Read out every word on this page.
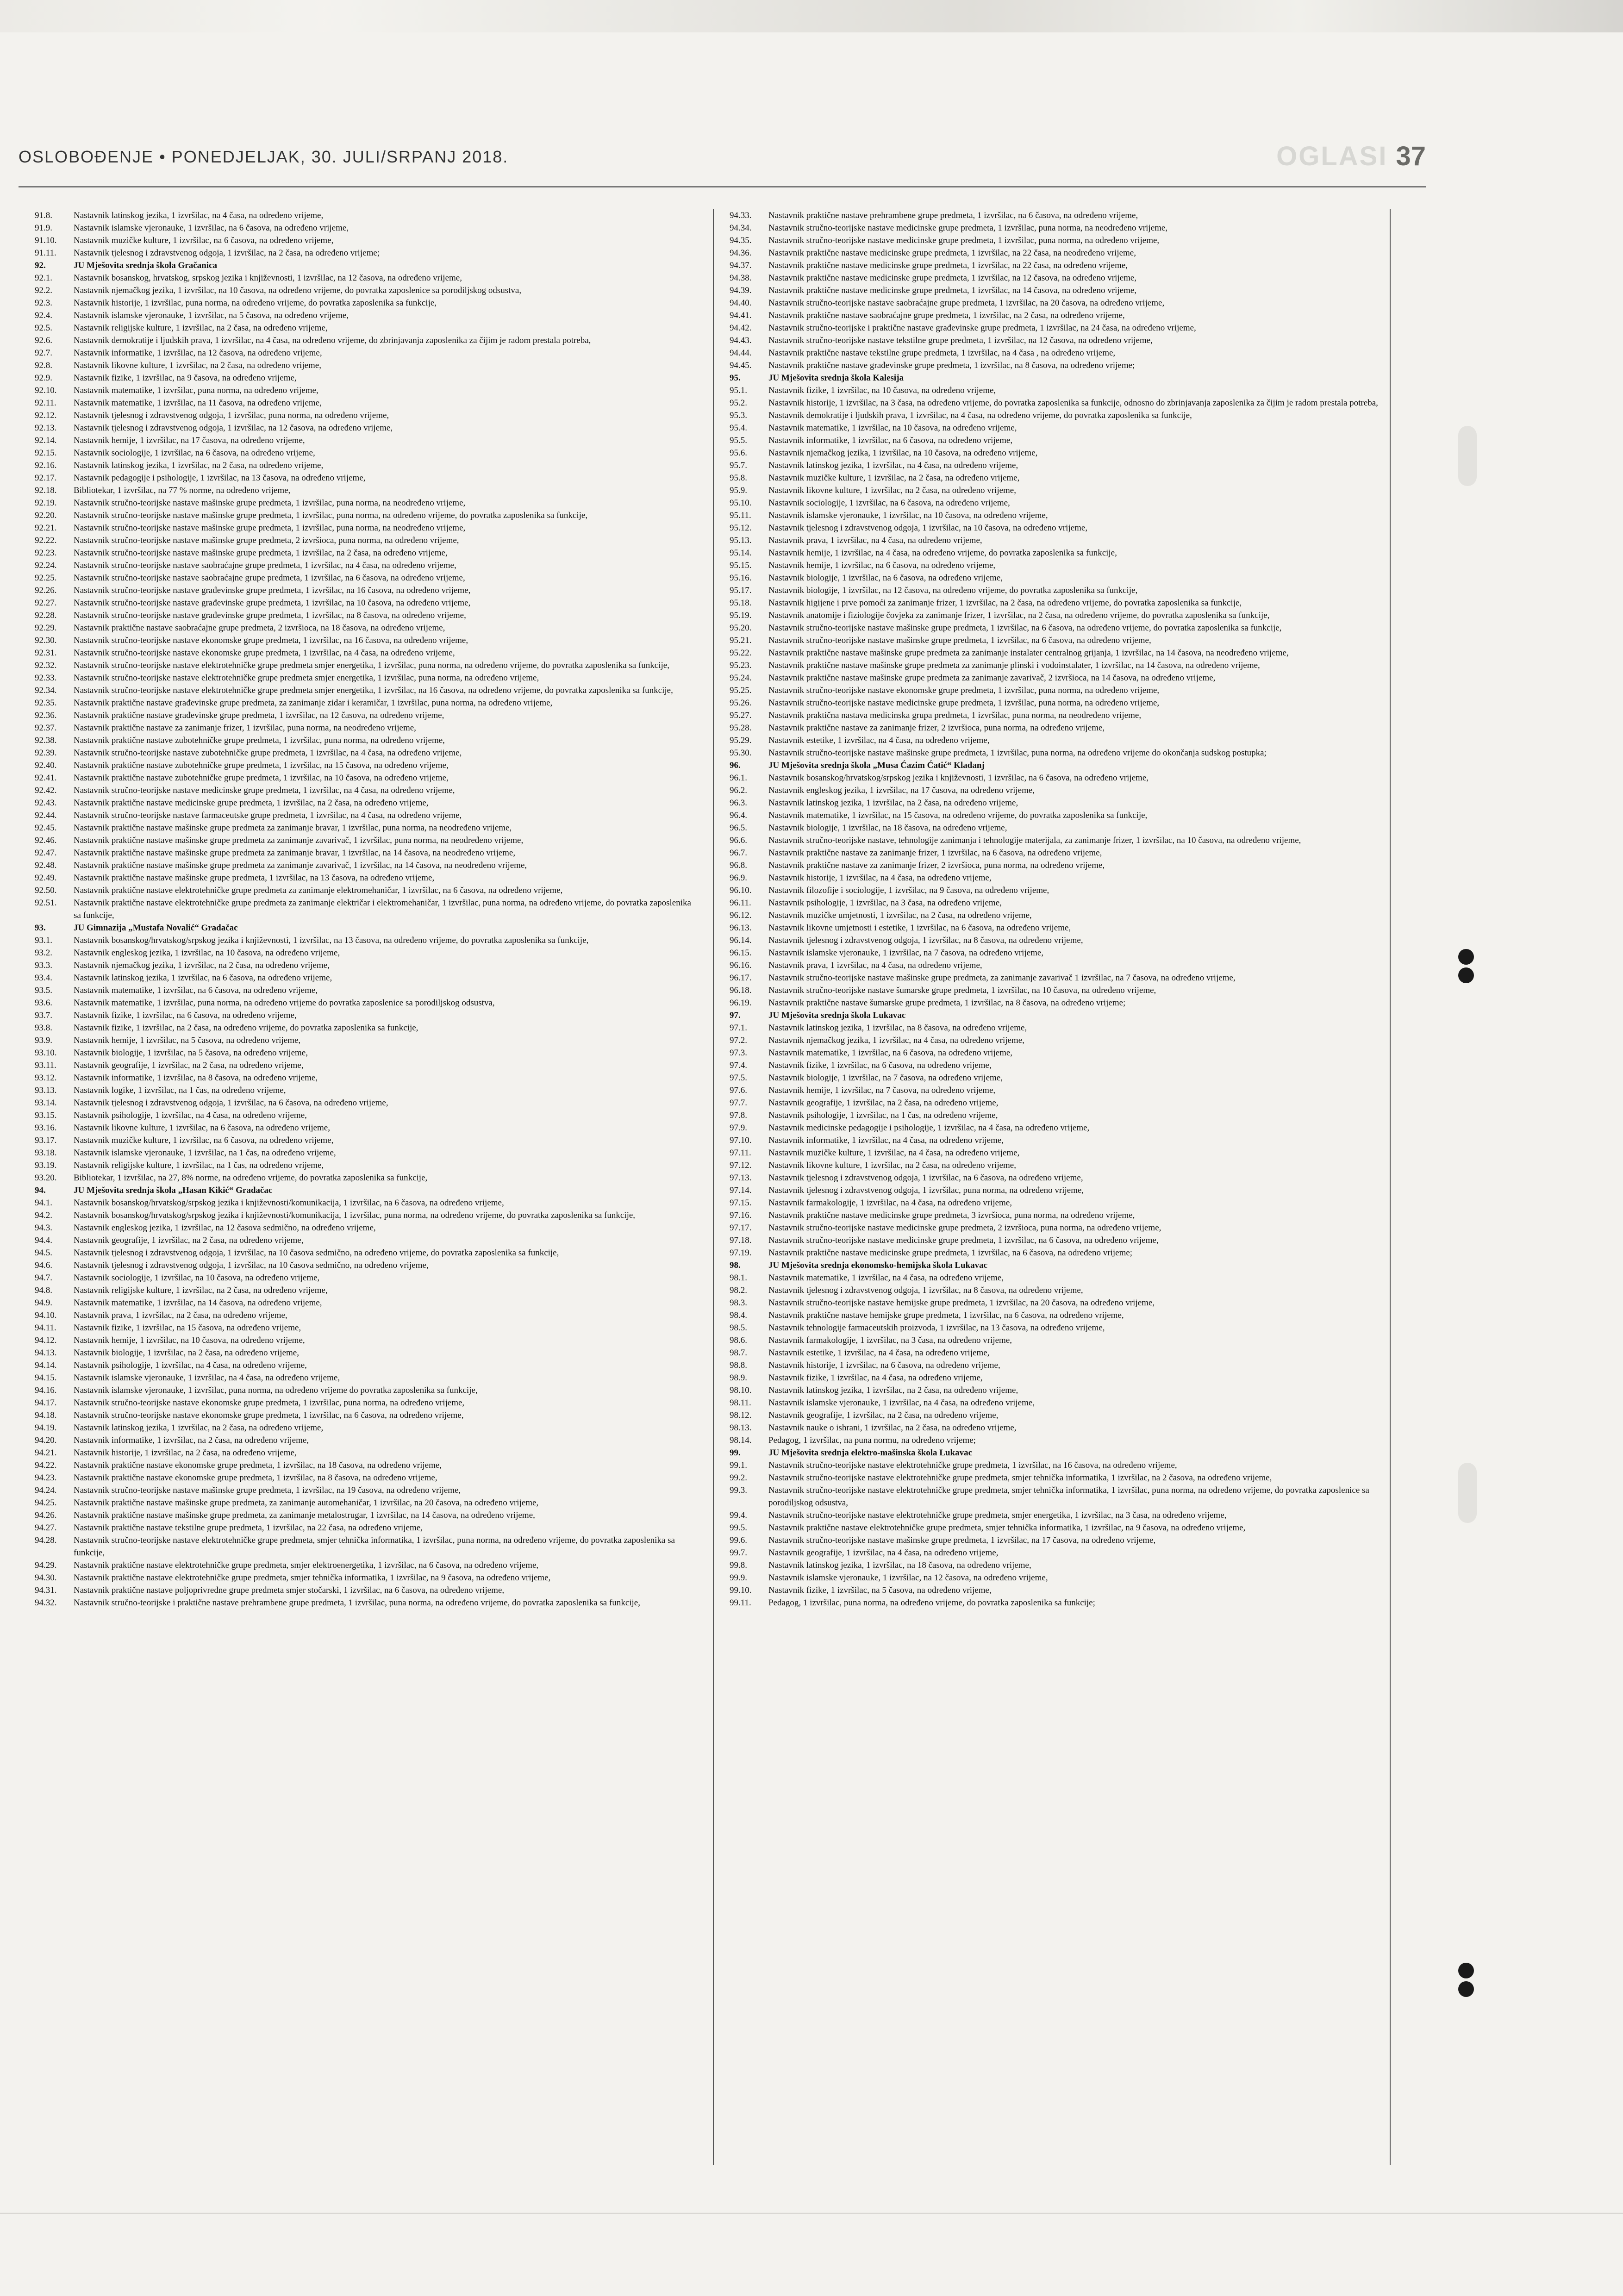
OSLOBOĐENJE • PONEDJELJAK, 30. JULI/SRPANJ 2018.	OGLASI 37
91.8.	Nastavnik latinskog jezika, 1 izvršilac, na 4 časa, na određeno vrijeme,
91.9.	Nastavnik islamske vjeronauke, 1 izvršilac, na 6 časova, na određeno vrijeme,
91.10.	Nastavnik muzičke kulture, 1 izvršilac, na 6 časova, na određeno vrijeme,
91.11.	Nastavnik tjelesnog i zdravstvenog odgoja, 1 izvršilac, na 2 časa, na određeno vrijeme;
92.	JU Mješovita srednja škola Gračanica
92.1.	Nastavnik bosanskog, hrvatskog, srpskog jezika i književnosti, 1 izvršilac, na 12 časova, na određeno vrijeme,
92.2.	Nastavnik njemačkog jezika, 1 izvršilac, na 10 časova, na određeno vrijeme, do povratka zaposlenice sa porodiljskog odsustva,
92.3.	Nastavnik historije, 1 izvršilac, puna norma, na određeno vrijeme, do povratka zaposlenika sa funkcije,
92.4.	Nastavnik islamske vjeronauke, 1 izvršilac, na 5 časova, na određeno vrijeme,
92.5.	Nastavnik religijske kulture, 1 izvršilac, na 2 časa, na određeno vrijeme,
92.6.	Nastavnik demokratije i ljudskih prava, 1 izvršilac, na 4 časa, na određeno vrijeme, do zbrinjavanja zaposlenika za čijim je radom prestala potreba,
92.7.	Nastavnik informatike, 1 izvršilac, na 12 časova, na određeno vrijeme,
92.8.	Nastavnik likovne kulture, 1 izvršilac, na 2 časa, na određeno vrijeme,
92.9.	Nastavnik fizike, 1 izvršilac, na 9 časova, na određeno vrijeme,
92.10.	Nastavnik matematike, 1 izvršilac, puna norma, na određeno vrijeme,
92.11.	Nastavnik matematike, 1 izvršilac, na 11 časova, na određeno vrijeme,
92.12.	Nastavnik tjelesnog i zdravstvenog odgoja, 1 izvršilac, puna norma, na određeno vrijeme,
92.13.	Nastavnik tjelesnog i zdravstvenog odgoja, 1 izvršilac, na 12 časova, na određeno vrijeme,
92.14.	Nastavnik hemije, 1 izvršilac, na 17 časova, na određeno vrijeme,
92.15.	Nastavnik sociologije, 1 izvršilac, na 6 časova, na određeno vrijeme,
92.16.	Nastavnik latinskog jezika, 1 izvršilac, na 2 časa, na određeno vrijeme,
92.17.	Nastavnik pedagogije i psihologije, 1 izvršilac, na 13 časova, na određeno vrijeme,
92.18.	Bibliotekar, 1 izvršilac, na 77 % norme, na određeno vrijeme,
92.19.	Nastavnik stručno-teorijske nastave mašinske grupe predmeta, 1 izvršilac, puna norma, na neodređeno vrijeme,
92.20.	Nastavnik stručno-teorijske nastave mašinske grupe predmeta, 1 izvršilac, puna norma, na određeno vrijeme, do povratka zaposlenika sa funkcije,
92.21.	Nastavnik stručno-teorijske nastave mašinske grupe predmeta, 1 izvršilac, puna norma, na neodređeno vrijeme,
92.22.	Nastavnik stručno-teorijske nastave mašinske grupe predmeta, 2 izvršioca, puna norma, na određeno vrijeme,
92.23.	Nastavnik stručno-teorijske nastave mašinske grupe predmeta, 1 izvršilac, na 2 časa, na određeno vrijeme,
92.24.	Nastavnik stručno-teorijske nastave saobraćajne grupe predmeta, 1 izvršilac, na 4 časa, na određeno vrijeme,
92.25.	Nastavnik stručno-teorijske nastave saobraćajne grupe predmeta, 1 izvršilac, na 6 časova, na određeno vrijeme,
92.26.	Nastavnik stručno-teorijske nastave građevinske grupe predmeta, 1 izvršilac, na 16 časova, na određeno vrijeme,
92.27.	Nastavnik stručno-teorijske nastave građevinske grupe predmeta, 1 izvršilac, na 10 časova, na određeno vrijeme,
92.28.	Nastavnik stručno-teorijske nastave građevinske grupe predmeta, 1 izvršilac, na 8 časova, na određeno vrijeme,
92.29.	Nastavnik praktične nastave saobraćajne grupe predmeta, 2 izvršioca, na 18 časova, na određeno vrijeme,
92.30.	Nastavnik stručno-teorijske nastave ekonomske grupe predmeta, 1 izvršilac, na 16 časova, na određeno vrijeme,
92.31.	Nastavnik stručno-teorijske nastave ekonomske grupe predmeta, 1 izvršilac, na 4 časa, na određeno vrijeme,
92.32.	Nastavnik stručno-teorijske nastave elektrotehničke grupe predmeta smjer energetika, 1 izvršilac, puna norma, na određeno vrijeme, do povratka zaposlenika sa funkcije,
92.33.	Nastavnik stručno-teorijske nastave elektrotehničke grupe predmeta smjer energetika, 1 izvršilac, puna norma, na određeno vrijeme,
92.34.	Nastavnik stručno-teorijske nastave elektrotehničke grupe predmeta smjer energetika, 1 izvršilac, na 16 časova, na određeno vrijeme, do povratka zaposlenika sa funkcije,
92.35.	Nastavnik praktične nastave građevinske grupe predmeta, za zanimanje zidar i keramičar, 1 izvršilac, puna norma, na određeno vrijeme,
92.36.	Nastavnik praktične nastave građevinske grupe predmeta, 1 izvršilac, na 12 časova, na određeno vrijeme,
92.37.	Nastavnik praktične nastave za zanimanje frizer, 1 izvršilac, puna norma, na neodređeno vrijeme,
92.38.	Nastavnik praktične nastave zubotehničke grupe predmeta, 1 izvršilac, puna norma, na određeno vrijeme,
92.39.	Nastavnik stručno-teorijske nastave zubotehničke grupe predmeta, 1 izvršilac, na 4 časa, na određeno vrijeme,
92.40.	Nastavnik praktične nastave zubotehničke grupe predmeta, 1 izvršilac, na 15 časova, na određeno vrijeme,
92.41.	Nastavnik praktične nastave zubotehničke grupe predmeta, 1 izvršilac, na 10 časova, na određeno vrijeme,
92.42.	Nastavnik stručno-teorijske nastave medicinske grupe predmeta, 1 izvršilac, na 4 časa, na određeno vrijeme,
92.43.	Nastavnik praktične nastave medicinske grupe predmeta, 1 izvršilac, na 2 časa, na određeno vrijeme,
92.44.	Nastavnik stručno-teorijske nastave farmaceutske grupe predmeta, 1 izvršilac, na 4 časa, na određeno vrijeme,
92.45.	Nastavnik praktične nastave mašinske grupe predmeta za zanimanje bravar, 1 izvršilac, puna norma, na neodređeno vrijeme,
92.46.	Nastavnik praktične nastave mašinske grupe predmeta za zanimanje zavarivač, 1 izvršilac, puna norma, na neodređeno vrijeme,
92.47.	Nastavnik praktične nastave mašinske grupe predmeta za zanimanje bravar, 1 izvršilac, na 14 časova, na neodređeno vrijeme,
92.48.	Nastavnik praktične nastave mašinske grupe predmeta za zanimanje zavarivač, 1 izvršilac, na 14 časova, na neodređeno vrijeme,
92.49.	Nastavnik praktične nastave mašinske grupe predmeta, 1 izvršilac, na 13 časova, na određeno vrijeme,
92.50.	Nastavnik praktične nastave elektrotehničke grupe predmeta za zanimanje elektromehaničar, 1 izvršilac, na 6 časova, na određeno vrijeme,
92.51.	Nastavnik praktične nastave elektrotehničke grupe predmeta za zanimanje električar i elektromehaničar, 1 izvršilac, puna norma, na određeno vrijeme, do povratka zaposlenika sa funkcije,
93.	JU Gimnazija „Mustafa Novalić“ Gradačac
93.1.	Nastavnik bosanskog/hrvatskog/srpskog jezika i književnosti, 1 izvršilac, na 13 časova, na određeno vrijeme, do povratka zaposlenika sa funkcije,
93.2.	Nastavnik engleskog jezika, 1 izvršilac, na 10 časova, na određeno vrijeme,
93.3.	Nastavnik njemačkog jezika, 1 izvršilac, na 2 časa, na određeno vrijeme,
93.4.	Nastavnik latinskog jezika, 1 izvršilac, na 6 časova, na određeno vrijeme,
93.5.	Nastavnik matematike, 1 izvršilac, na 6 časova, na određeno vrijeme,
93.6.	Nastavnik matematike, 1 izvršilac, puna norma, na određeno vrijeme do povratka zaposlenice sa porodiljskog odsustva,
93.7.	Nastavnik fizike, 1 izvršilac, na 6 časova, na određeno vrijeme,
93.8.	Nastavnik fizike, 1 izvršilac, na 2 časa, na određeno vrijeme, do povratka zaposlenika sa funkcije,
93.9.	Nastavnik hemije, 1 izvršilac, na 5 časova, na određeno vrijeme,
93.10.	Nastavnik biologije, 1 izvršilac, na 5 časova, na određeno vrijeme,
93.11.	Nastavnik geografije, 1 izvršilac, na 2 časa, na određeno vrijeme,
93.12.	Nastavnik informatike, 1 izvršilac, na 8 časova, na određeno vrijeme,
93.13.	Nastavnik logike, 1 izvršilac, na 1 čas, na određeno vrijeme,
93.14.	Nastavnik tjelesnog i zdravstvenog odgoja, 1 izvršilac, na 6 časova, na određeno vrijeme,
93.15.	Nastavnik psihologije, 1 izvršilac, na 4 časa, na određeno vrijeme,
93.16.	Nastavnik likovne kulture, 1 izvršilac, na 6 časova, na određeno vrijeme,
93.17.	Nastavnik muzičke kulture, 1 izvršilac, na 6 časova, na određeno vrijeme,
93.18.	Nastavnik islamske vjeronauke, 1 izvršilac, na 1 čas, na određeno vrijeme,
93.19.	Nastavnik religijske kulture, 1 izvršilac, na 1 čas, na određeno vrijeme,
93.20.	Bibliotekar, 1 izvršilac, na 27, 8% norme, na određeno vrijeme, do povratka zaposlenika sa funkcije,
94.	JU Mješovita srednja škola „Hasan Kikić“ Gradačac
94.1.	Nastavnik bosanskog/hrvatskog/srpskog jezika i književnosti/komunikacija, 1 izvršilac, na 6 časova, na određeno vrijeme,
94.2.	Nastavnik bosanskog/hrvatskog/srpskog jezika i književnosti/komunikacija, 1 izvršilac, puna norma, na određeno vrijeme, do povratka zaposlenika sa funkcije,
94.3.	Nastavnik engleskog jezika, 1 izvršilac, na 12 časova sedmično, na određeno vrijeme,
94.4.	Nastavnik geografije, 1 izvršilac, na 2 časa, na određeno vrijeme,
94.5.	Nastavnik tjelesnog i zdravstvenog odgoja, 1 izvršilac, na 10 časova sedmično, na određeno vrijeme, do povratka zaposlenika sa funkcije,
94.6.	Nastavnik tjelesnog i zdravstvenog odgoja, 1 izvršilac, na 10 časova sedmično, na određeno vrijeme,
94.7.	Nastavnik sociologije, 1 izvršilac, na 10 časova, na određeno vrijeme,
94.8.	Nastavnik religijske kulture, 1 izvršilac, na 2 časa, na određeno vrijeme,
94.9.	Nastavnik matematike, 1 izvršilac, na 14 časova, na određeno vrijeme,
94.10.	Nastavnik prava, 1 izvršilac, na 2 časa, na određeno vrijeme,
94.11.	Nastavnik fizike, 1 izvršilac, na 15 časova, na određeno vrijeme,
94.12.	Nastavnik hemije, 1 izvršilac, na 10 časova, na određeno vrijeme,
94.13.	Nastavnik biologije, 1 izvršilac, na 2 časa, na određeno vrijeme,
94.14.	Nastavnik psihologije, 1 izvršilac, na 4 časa, na određeno vrijeme,
94.15.	Nastavnik islamske vjeronauke, 1 izvršilac, na 4 časa, na određeno vrijeme,
94.16.	Nastavnik islamske vjeronauke, 1 izvršilac, puna norma, na određeno vrijeme do povratka zaposlenika sa funkcije,
94.17.	Nastavnik stručno-teorijske nastave ekonomske grupe predmeta, 1 izvršilac, puna norma, na određeno vrijeme,
94.18.	Nastavnik stručno-teorijske nastave ekonomske grupe predmeta, 1 izvršilac, na 6 časova, na određeno vrijeme,
94.19.	Nastavnik latinskog jezika, 1 izvršilac, na 2 časa, na određeno vrijeme,
94.20.	Nastavnik informatike, 1 izvršilac, na 2 časa, na određeno vrijeme,
94.21.	Nastavnik historije, 1 izvršilac, na 2 časa, na određeno vrijeme,
94.22.	Nastavnik praktične nastave ekonomske grupe predmeta, 1 izvršilac, na 18 časova, na određeno vrijeme,
94.23.	Nastavnik praktične nastave ekonomske grupe predmeta, 1 izvršilac, na 8 časova, na određeno vrijeme,
94.24.	Nastavnik stručno-teorijske nastave mašinske grupe predmeta, 1 izvršilac, na 19 časova, na određeno vrijeme,
94.25.	Nastavnik praktične nastave mašinske grupe predmeta, za zanimanje automehaničar, 1 izvršilac, na 20 časova, na određeno vrijeme,
94.26.	Nastavnik praktične nastave mašinske grupe predmeta, za zanimanje metalostrugar, 1 izvršilac, na 14 časova, na određeno vrijeme,
94.27.	Nastavnik praktične nastave tekstilne grupe predmeta, 1 izvršilac, na 22 časa, na određeno vrijeme,
94.28.	Nastavnik stručno-teorijske nastave elektrotehničke grupe predmeta, smjer tehnička informatika, 1 izvršilac, puna norma, na određeno vrijeme, do povratka zaposlenika sa funkcije,
94.29.	Nastavnik praktične nastave elektrotehničke grupe predmeta, smjer elektroenergetika, 1 izvršilac, na 6 časova, na određeno vrijeme,
94.30.	Nastavnik praktične nastave elektrotehničke grupe predmeta, smjer tehnička informatika, 1 izvršilac, na 9 časova, na određeno vrijeme,
94.31.	Nastavnik praktične nastave poljoprivredne grupe predmeta smjer stočarski, 1 izvršilac, na 6 časova, na određeno vrijeme,
94.32.	Nastavnik stručno-teorijske i praktične nastave prehrambene grupe predmeta, 1 izvršilac, puna norma, na određeno vrijeme, do povratka zaposlenika sa funkcije,
94.33.	Nastavnik praktične nastave prehrambene grupe predmeta, 1 izvršilac, na 6 časova, na određeno vrijeme,
94.34.	Nastavnik stručno-teorijske nastave medicinske grupe predmeta, 1 izvršilac, puna norma, na neodređeno vrijeme,
94.35.	Nastavnik stručno-teorijske nastave medicinske grupe predmeta, 1 izvršilac, puna norma, na određeno vrijeme,
94.36.	Nastavnik praktične nastave medicinske grupe predmeta, 1 izvršilac, na 22 časa, na neodređeno vrijeme,
94.37.	Nastavnik praktične nastave medicinske grupe predmeta, 1 izvršilac, na 22 časa, na određeno vrijeme,
94.38.	Nastavnik praktične nastave medicinske grupe predmeta, 1 izvršilac, na 12 časova, na određeno vrijeme,
94.39.	Nastavnik praktične nastave medicinske grupe predmeta, 1 izvršilac, na 14 časova, na određeno vrijeme,
94.40.	Nastavnik stručno-teorijske nastave saobraćajne grupe predmeta, 1 izvršilac, na 20 časova, na određeno vrijeme,
94.41.	Nastavnik praktične nastave saobraćajne grupe predmeta, 1 izvršilac, na 2 časa, na određeno vrijeme,
94.42.	Nastavnik stručno-teorijske i praktične nastave građevinske grupe predmeta, 1 izvršilac, na 24 časa, na određeno vrijeme,
94.43.	Nastavnik stručno-teorijske nastave tekstilne grupe predmeta, 1 izvršilac, na 12 časova, na određeno vrijeme,
94.44.	Nastavnik praktične nastave tekstilne grupe predmeta, 1 izvršilac, na 4 časa , na određeno vrijeme,
94.45.	Nastavnik praktične nastave građevinske grupe predmeta, 1 izvršilac, na 8 časova, na određeno vrijeme;
95.	JU Mješovita srednja škola Kalesija
95.1.	Nastavnik fizike, 1 izvršilac, na 10 časova, na određeno vrijeme,
95.2.	Nastavnik historije, 1 izvršilac, na 3 časa, na određeno vrijeme, do povratka zaposlenika sa funkcije, odnosno do zbrinjavanja zaposlenika za čijim je radom prestala potreba,
95.3.	Nastavnik demokratije i ljudskih prava, 1 izvršilac, na 4 časa, na određeno vrijeme, do povratka zaposlenika sa funkcije,
95.4.	Nastavnik matematike, 1 izvršilac, na 10 časova, na određeno vrijeme,
95.5.	Nastavnik informatike, 1 izvršilac, na 6 časova, na određeno vrijeme,
95.6.	Nastavnik njemačkog jezika, 1 izvršilac, na 10 časova, na određeno vrijeme,
95.7.	Nastavnik latinskog jezika, 1 izvršilac, na 4 časa, na određeno vrijeme,
95.8.	Nastavnik muzičke kulture, 1 izvršilac, na 2 časa, na određeno vrijeme,
95.9.	Nastavnik likovne kulture, 1 izvršilac, na 2 časa, na određeno vrijeme,
95.10.	Nastavnik sociologije, 1 izvršilac, na 6 časova, na određeno vrijeme,
95.11.	Nastavnik islamske vjeronauke, 1 izvršilac, na 10 časova, na određeno vrijeme,
95.12.	Nastavnik tjelesnog i zdravstvenog odgoja, 1 izvršilac, na 10 časova, na određeno vrijeme,
95.13.	Nastavnik prava, 1 izvršilac, na 4 časa, na određeno vrijeme,
95.14.	Nastavnik hemije, 1 izvršilac, na 4 časa, na određeno vrijeme, do povratka zaposlenika sa funkcije,
95.15.	Nastavnik hemije, 1 izvršilac, na 6 časova, na određeno vrijeme,
95.16.	Nastavnik biologije, 1 izvršilac, na 6 časova, na određeno vrijeme,
95.17.	Nastavnik biologije, 1 izvršilac, na 12 časova, na određeno vrijeme, do povratka zaposlenika sa funkcije,
95.18.	Nastavnik higijene i prve pomoći za zanimanje frizer, 1 izvršilac, na 2 časa, na određeno vrijeme, do povratka zaposlenika sa funkcije,
95.19.	Nastavnik anatomije i fiziologije čovjeka za zanimanje frizer, 1 izvršilac, na 2 časa, na određeno vrijeme, do povratka zaposlenika sa funkcije,
95.20.	Nastavnik stručno-teorijske nastave mašinske grupe predmeta, 1 izvršilac, na 6 časova, na određeno vrijeme, do povratka zaposlenika sa funkcije,
95.21.	Nastavnik stručno-teorijske nastave mašinske grupe predmeta, 1 izvršilac, na 6 časova, na određeno vrijeme,
95.22.	Nastavnik praktične nastave mašinske grupe predmeta za zanimanje instalater centralnog grijanja, 1 izvršilac, na 14 časova, na neodređeno vrijeme,
95.23.	Nastavnik praktične nastave mašinske grupe predmeta za zanimanje plinski i vodoinstalater, 1 izvršilac, na 14 časova, na određeno vrijeme,
95.24.	Nastavnik praktične nastave mašinske grupe predmeta za zanimanje zavarivač, 2 izvršioca, na 14 časova, na određeno vrijeme,
95.25.	Nastavnik stručno-teorijske nastave ekonomske grupe predmeta, 1 izvršilac, puna norma, na određeno vrijeme,
95.26.	Nastavnik stručno-teorijske nastave medicinske grupe predmeta, 1 izvršilac, puna norma, na određeno vrijeme,
95.27.	Nastavnik praktična nastava medicinska grupa predmeta, 1 izvršilac, puna norma, na neodređeno vrijeme,
95.28.	Nastavnik praktične nastave za zanimanje frizer, 2 izvršioca, puna norma, na određeno vrijeme,
95.29.	Nastavnik estetike, 1 izvršilac, na 4 časa, na određeno vrijeme,
95.30.	Nastavnik stručno-teorijske nastave mašinske grupe predmeta, 1 izvršilac, puna norma, na određeno vrijeme do okončanja sudskog postupka;
96.	JU Mješovita srednja škola „Musa Ćazim Ćatić“ Kladanj
96.1.	Nastavnik bosanskog/hrvatskog/srpskog jezika i književnosti, 1 izvršilac, na 6 časova, na određeno vrijeme,
96.2.	Nastavnik engleskog jezika, 1 izvršilac, na 17 časova, na određeno vrijeme,
96.3.	Nastavnik latinskog jezika, 1 izvršilac, na 2 časa, na određeno vrijeme,
96.4.	Nastavnik matematike, 1 izvršilac, na 15 časova, na određeno vrijeme, do povratka zaposlenika sa funkcije,
96.5.	Nastavnik biologije, 1 izvršilac, na 18 časova, na određeno vrijeme,
96.6.	Nastavnik stručno-teorijske nastave, tehnologije zanimanja i tehnologije materijala, za zanimanje frizer, 1 izvršilac, na 10 časova, na određeno vrijeme,
96.7.	Nastavnik praktične nastave za zanimanje frizer, 1 izvršilac, na 6 časova, na određeno vrijeme,
96.8.	Nastavnik praktične nastave za zanimanje frizer, 2 izvršioca, puna norma, na određeno vrijeme,
96.9.	Nastavnik historije, 1 izvršilac, na 4 časa, na određeno vrijeme,
96.10.	Nastavnik filozofije i sociologije, 1 izvršilac, na 9 časova, na određeno vrijeme,
96.11.	Nastavnik psihologije, 1 izvršilac, na 3 časa, na određeno vrijeme,
96.12.	Nastavnik muzičke umjetnosti, 1 izvršilac, na 2 časa, na određeno vrijeme,
96.13.	Nastavnik likovne umjetnosti i estetike, 1 izvršilac, na 6 časova, na određeno vrijeme,
96.14.	Nastavnik tjelesnog i zdravstvenog odgoja, 1 izvršilac, na 8 časova, na određeno vrijeme,
96.15.	Nastavnik islamske vjeronauke, 1 izvršilac, na 7 časova, na određeno vrijeme,
96.16.	Nastavnik prava, 1 izvršilac, na 4 časa, na određeno vrijeme,
96.17.	Nastavnik stručno-teorijske nastave mašinske grupe predmeta, za zanimanje zavarivač 1 izvršilac, na 7 časova, na određeno vrijeme,
96.18.	Nastavnik stručno-teorijske nastave šumarske grupe predmeta, 1 izvršilac, na 10 časova, na određeno vrijeme,
96.19.	Nastavnik praktične nastave šumarske grupe predmeta, 1 izvršilac, na 8 časova, na određeno vrijeme;
97.	JU Mješovita srednja škola Lukavac
97.1.	Nastavnik latinskog jezika, 1 izvršilac, na 8 časova, na određeno vrijeme,
97.2.	Nastavnik njemačkog jezika, 1 izvršilac, na 4 časa, na određeno vrijeme,
97.3.	Nastavnik matematike, 1 izvršilac, na 6 časova, na određeno vrijeme,
97.4.	Nastavnik fizike, 1 izvršilac, na 6 časova, na određeno vrijeme,
97.5.	Nastavnik biologije, 1 izvršilac, na 7 časova, na određeno vrijeme,
97.6.	Nastavnik hemije, 1 izvršilac, na 7 časova, na određeno vrijeme,
97.7.	Nastavnik geografije, 1 izvršilac, na 2 časa, na određeno vrijeme,
97.8.	Nastavnik psihologije, 1 izvršilac, na 1 čas, na određeno vrijeme,
97.9.	Nastavnik medicinske pedagogije i psihologije, 1 izvršilac, na 4 časa, na određeno vrijeme,
97.10.	Nastavnik informatike, 1 izvršilac, na 4 časa, na određeno vrijeme,
97.11.	Nastavnik muzičke kulture, 1 izvršilac, na 4 časa, na određeno vrijeme,
97.12.	Nastavnik likovne kulture, 1 izvršilac, na 2 časa, na određeno vrijeme,
97.13.	Nastavnik tjelesnog i zdravstvenog odgoja, 1 izvršilac, na 6 časova, na određeno vrijeme,
97.14.	Nastavnik tjelesnog i zdravstvenog odgoja, 1 izvršilac, puna norma, na određeno vrijeme,
97.15.	Nastavnik farmakologije, 1 izvršilac, na 4 časa, na određeno vrijeme,
97.16.	Nastavnik praktične nastave medicinske grupe predmeta, 3 izvršioca, puna norma, na određeno vrijeme,
97.17.	Nastavnik stručno-teorijske nastave medicinske grupe predmeta, 2 izvršioca, puna norma, na određeno vrijeme,
97.18.	Nastavnik stručno-teorijske nastave medicinske grupe predmeta, 1 izvršilac, na 6 časova, na određeno vrijeme,
97.19.	Nastavnik praktične nastave medicinske grupe predmeta, 1 izvršilac, na 6 časova, na određeno vrijeme;
98.	JU Mješovita srednja ekonomsko-hemijska škola Lukavac
98.1.	Nastavnik matematike, 1 izvršilac, na 4 časa, na određeno vrijeme,
98.2.	Nastavnik tjelesnog i zdravstvenog odgoja, 1 izvršilac, na 8 časova, na određeno vrijeme,
98.3.	Nastavnik stručno-teorijske nastave hemijske grupe predmeta, 1 izvršilac, na 20 časova, na određeno vrijeme,
98.4.	Nastavnik praktične nastave hemijske grupe predmeta, 1 izvršilac, na 6 časova, na određeno vrijeme,
98.5.	Nastavnik tehnologije farmaceutskih proizvoda, 1 izvršilac, na 13 časova, na određeno vrijeme,
98.6.	Nastavnik farmakologije, 1 izvršilac, na 3 časa, na određeno vrijeme,
98.7.	Nastavnik estetike, 1 izvršilac, na 4 časa, na određeno vrijeme,
98.8.	Nastavnik historije, 1 izvršilac, na 6 časova, na određeno vrijeme,
98.9.	Nastavnik fizike, 1 izvršilac, na 4 časa, na određeno vrijeme,
98.10.	Nastavnik latinskog jezika, 1 izvršilac, na 2 časa, na određeno vrijeme,
98.11.	Nastavnik islamske vjeronauke, 1 izvršilac, na 4 časa, na određeno vrijeme,
98.12.	Nastavnik geografije, 1 izvršilac, na 2 časa, na određeno vrijeme,
98.13.	Nastavnik nauke o ishrani, 1 izvršilac, na 2 časa, na određeno vrijeme,
98.14.	Pedagog, 1 izvršilac, na puna normu, na određeno vrijeme;
99.	JU Mješovita srednja elektro-mašinska škola Lukavac
99.1.	Nastavnik stručno-teorijske nastave elektrotehničke grupe predmeta, 1 izvršilac, na 16 časova, na određeno vrijeme,
99.2.	Nastavnik stručno-teorijske nastave elektrotehničke grupe predmeta, smjer tehnička informatika, 1 izvršilac, na 2 časova, na određeno vrijeme,
99.3.	Nastavnik stručno-teorijske nastave elektrotehničke grupe predmeta, smjer tehnička informatika, 1 izvršilac, puna norma, na određeno vrijeme, do povratka zaposlenice sa porodiljskog odsustva,
99.4.	Nastavnik stručno-teorijske nastave elektrotehničke grupe predmeta, smjer energetika, 1 izvršilac, na 3 časa, na određeno vrijeme,
99.5.	Nastavnik praktične nastave elektrotehničke grupe predmeta, smjer tehnička informatika, 1 izvršilac, na 9 časova, na određeno vrijeme,
99.6.	Nastavnik stručno-teorijske nastave mašinske grupe predmeta, 1 izvršilac, na 17 časova, na određeno vrijeme,
99.7.	Nastavnik geografije, 1 izvršilac, na 4 časa, na određeno vrijeme,
99.8.	Nastavnik latinskog jezika, 1 izvršilac, na 18 časova, na određeno vrijeme,
99.9.	Nastavnik islamske vjeronauke, 1 izvršilac, na 12 časova, na određeno vrijeme,
99.10.	Nastavnik fizike, 1 izvršilac, na 5 časova, na određeno vrijeme,
99.11.	Pedagog, 1 izvršilac, puna norma, na određeno vrijeme, do povratka zaposlenika sa funkcije;
